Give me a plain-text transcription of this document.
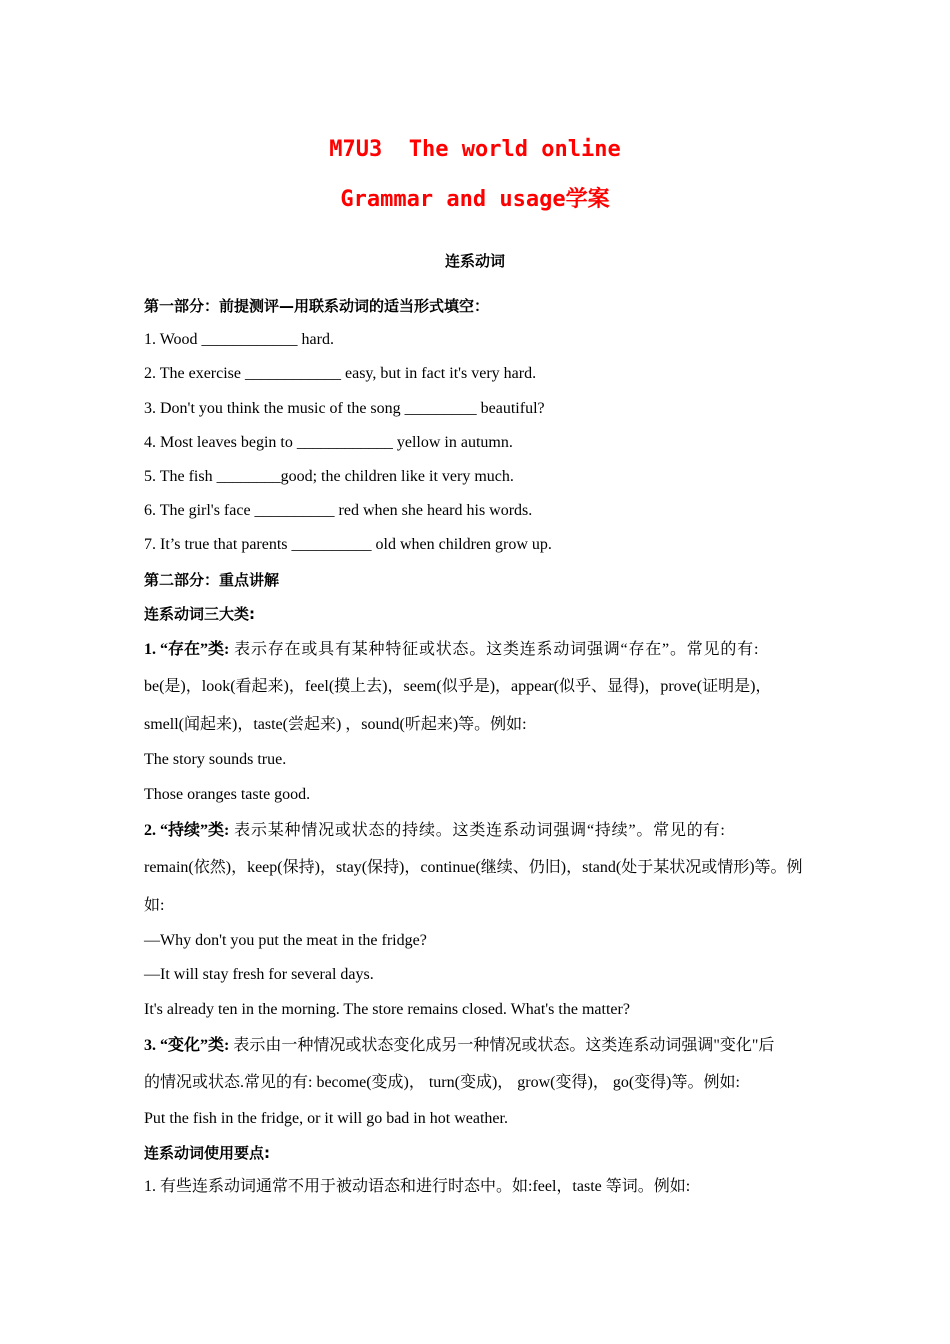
M7U3  The world online
Grammar and usage学案
连系动词
第一部分：前提测评—用联系动词的适当形式填空：
1. Wood ____________ hard.
2. The exercise ____________ easy, but in fact it's very hard.
3. Don't you think the music of the song _________ beautiful?
4. Most leaves begin to ____________ yellow in autumn.
5. The fish ________good; the children like it very much.
6. The girl's face __________ red when she heard his words.
7. It’s true that parents __________ old when children grow up.
第二部分：重点讲解
连系动词三大类:
1. “存在”类: 表示存在或具有某种特征或状态。这类连系动词强调“存在”。常见的有:
be(是)，look(看起来)，feel(摸上去)，seem(似乎是)，appear(似乎、显得)，prove(证明是)，
smell(闻起来)，taste(尝起来) ，sound(听起来)等。例如:
The story sounds true.
Those oranges taste good.
2. “持续”类: 表示某种情况或状态的持续。这类连系动词强调“持续”。常见的有:
remain(依然)，keep(保持)，stay(保持)，continue(继续、仍旧)，stand(处于某状况或情形)等。例
如:
—Why don't you put the meat in the fridge?
—It will stay fresh for several days.
It's already ten in the morning. The store remains closed. What's the matter?
3. “变化”类: 表示由一种情况或状态变化成另一种情况或状态。这类连系动词强调"变化"后
的情况或状态.常见的有: become(变成)， turn(变成)， grow(变得)， go(变得)等。例如:
Put the fish in the fridge, or it will go bad in hot weather.
连系动词使用要点:
1. 有些连系动词通常不用于被动语态和进行时态中。如:feel，taste 等词。例如:
